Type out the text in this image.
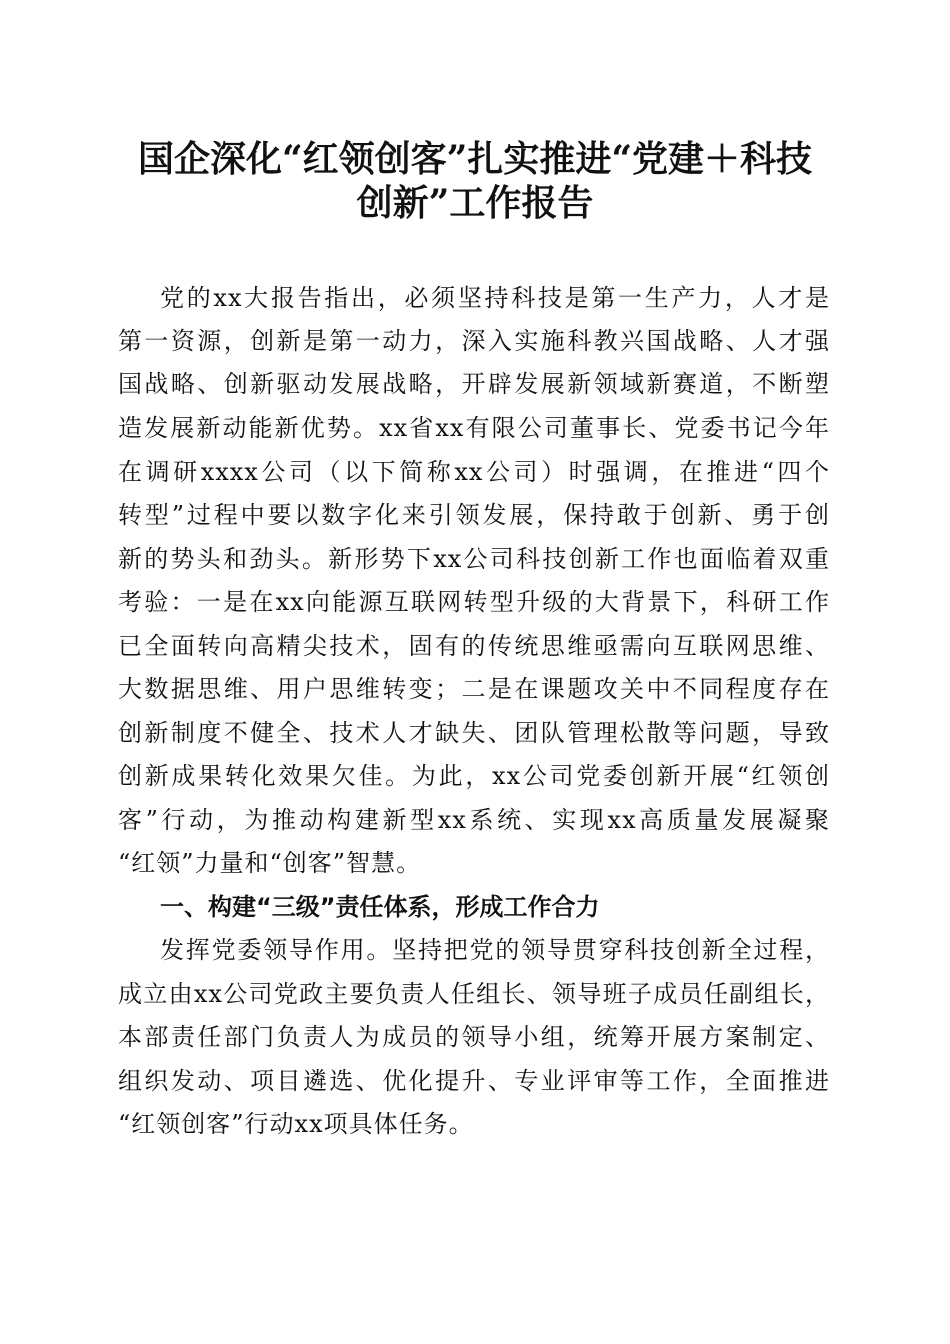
国企深化“红领创客”扎实推进“党建＋科技
创新”工作报告
党的xx大报告指出，必须坚持科技是第一生产力，人才是
第一资源，创新是第一动力，深入实施科教兴国战略、人才强
国战略、创新驱动发展战略，开辟发展新领域新赛道，不断塑
造发展新动能新优势。xx省xx有限公司董事长、党委书记今年
在调研xxxx公司（以下简称xx公司）时强调，在推进“四个
转型”过程中要以数字化来引领发展，保持敢于创新、勇于创
新的势头和劲头。新形势下xx公司科技创新工作也面临着双重
考验：一是在xx向能源互联网转型升级的大背景下，科研工作
已全面转向高精尖技术，固有的传统思维亟需向互联网思维、
大数据思维、用户思维转变；二是在课题攻关中不同程度存在
创新制度不健全、技术人才缺失、团队管理松散等问题，导致
创新成果转化效果欠佳。为此，xx公司党委创新开展“红领创
客”行动，为推动构建新型xx系统、实现xx高质量发展凝聚
“红领”力量和“创客”智慧。
一、构建“三级”责任体系，形成工作合力
发挥党委领导作用。坚持把党的领导贯穿科技创新全过程，
成立由xx公司党政主要负责人任组长、领导班子成员任副组长，
本部责任部门负责人为成员的领导小组，统筹开展方案制定、
组织发动、项目遴选、优化提升、专业评审等工作，全面推进
“红领创客”行动xx项具体任务。
